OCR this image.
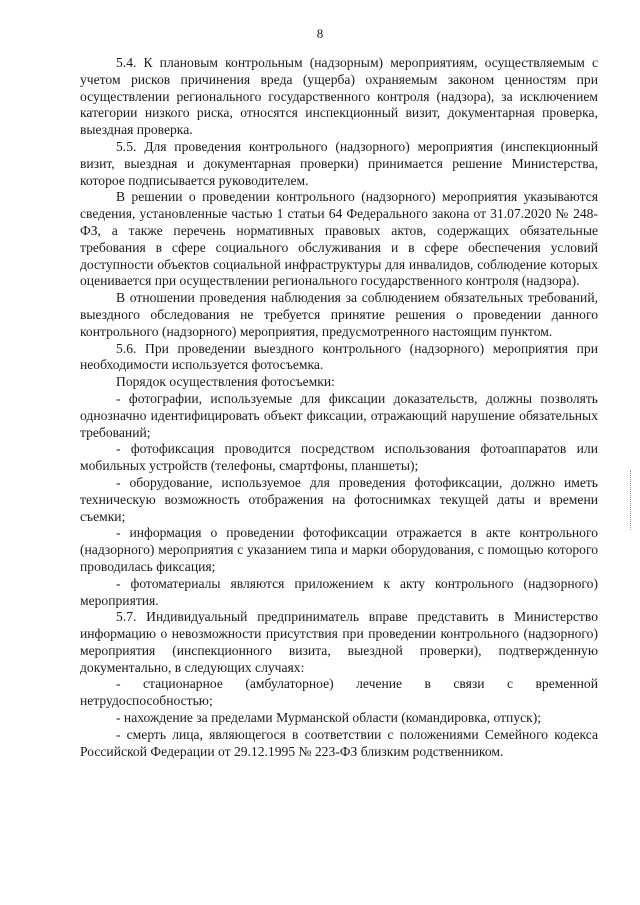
8

5.4. К плановым контрольным (надзорным) мероприятиям, осуществляемым с учетом рисков причинения вреда (ущерба) охраняемым законом ценностям при осуществлении регионального государственного контроля (надзора), за исключением категории низкого риска, относятся инспекционный визит, документарная проверка, выездная проверка.

5.5. Для проведения контрольного (надзорного) мероприятия (инспекционный визит, выездная и документарная проверки) принимается решение Министерства, которое подписывается руководителем.

В решении о проведении контрольного (надзорного) мероприятия указываются сведения, установленные частью 1 статьи 64 Федерального закона от 31.07.2020 № 248-ФЗ, а также перечень нормативных правовых актов, содержащих обязательные требования в сфере социального обслуживания и в сфере обеспечения условий доступности объектов социальной инфраструктуры для инвалидов, соблюдение которых оценивается при осуществлении регионального государственного контроля (надзора).

В отношении проведения наблюдения за соблюдением обязательных требований, выездного обследования не требуется принятие решения о проведении данного контрольного (надзорного) мероприятия, предусмотренного настоящим пунктом.

5.6. При проведении выездного контрольного (надзорного) мероприятия при необходимости используется фотосъемка.

Порядок осуществления фотосъемки:

- фотографии, используемые для фиксации доказательств, должны позволять однозначно идентифицировать объект фиксации, отражающий нарушение обязательных требований;

- фотофиксация проводится посредством использования фотоаппаратов или мобильных устройств (телефоны, смартфоны, планшеты);

- оборудование, используемое для проведения фотофиксации, должно иметь техническую возможность отображения на фотоснимках текущей даты и времени съемки;

- информация о проведении фотофиксации отражается в акте контрольного (надзорного) мероприятия с указанием типа и марки оборудования, с помощью которого проводилась фиксация;

- фотоматериалы являются приложением к акту контрольного (надзорного) мероприятия.

5.7. Индивидуальный предприниматель вправе представить в Министерство информацию о невозможности присутствия при проведении контрольного (надзорного) мероприятия (инспекционного визита, выездной проверки), подтвержденную документально, в следующих случаях:

- стационарное (амбулаторное) лечение в связи с временной нетрудоспособностью;

- нахождение за пределами Мурманской области (командировка, отпуск);

- смерть лица, являющегося в соответствии с положениями Семейного кодекса Российской Федерации от 29.12.1995 № 223-ФЗ близким родственником.
